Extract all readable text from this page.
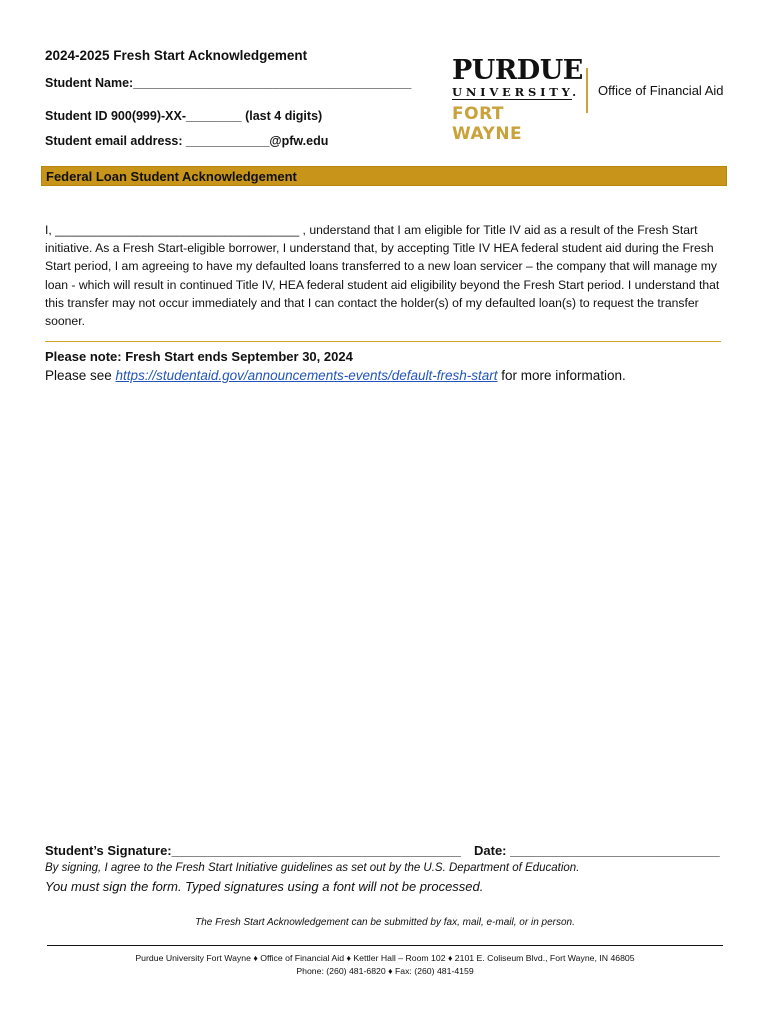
2024-2025 Fresh Start Acknowledgement
Student Name:________________________________________
Student ID 900(999)-XX-________ (last 4 digits)
Student email address: ____________@pfw.edu
PURDUE
UNIVERSITY.
FORT WAYNE
Office of Financial Aid
Federal Loan Student Acknowledgement
I, ____________________________________ , understand that I am eligible for Title IV aid as a result of the Fresh Start initiative. As a Fresh Start-eligible borrower, I understand that, by accepting Title IV HEA federal student aid during the Fresh Start period, I am agreeing to have my defaulted loans transferred to a new loan servicer – the company that will manage my loan - which will result in continued Title IV, HEA federal student aid eligibility beyond the Fresh Start period. I understand that this transfer may not occur immediately and that I can contact the holder(s) of my defaulted loan(s) to request the transfer sooner.
Please note: Fresh Start ends September 30, 2024
Please see https://studentaid.gov/announcements-events/default-fresh-start for more information.
Student’s Signature:________________________________________ Date: _____________________________
By signing, I agree to the Fresh Start Initiative guidelines as set out by the U.S. Department of Education.
You must sign the form. Typed signatures using a font will not be processed.
The Fresh Start Acknowledgement can be submitted by fax, mail, e-mail, or in person.
Purdue University Fort Wayne ♦ Office of Financial Aid ♦ Kettler Hall – Room 102 ♦ 2101 E. Coliseum Blvd., Fort Wayne, IN 46805
Phone: (260) 481-6820 ♦ Fax: (260) 481-4159
